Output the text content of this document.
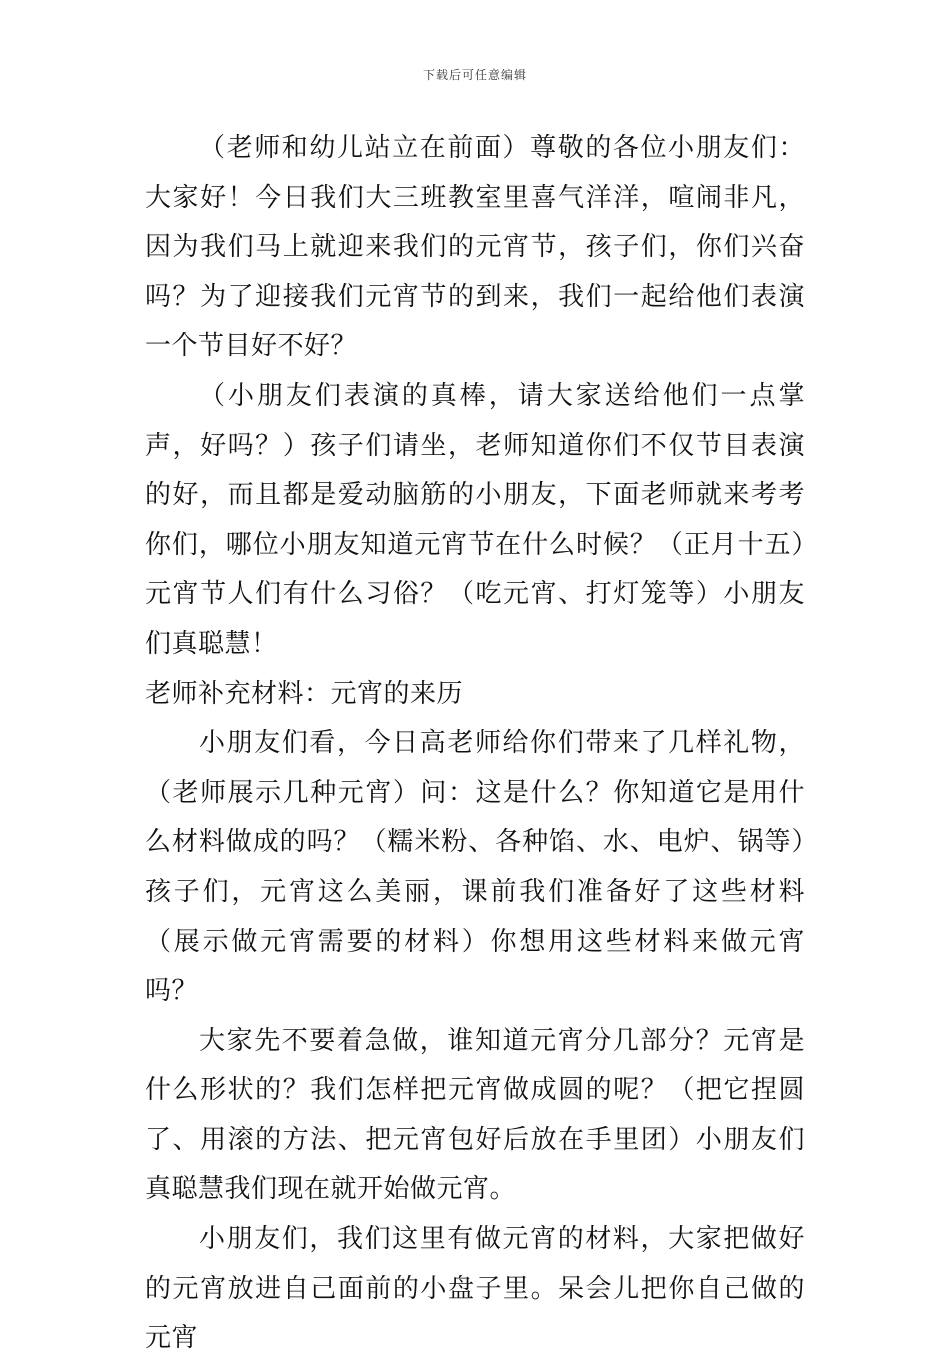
下载后可任意编辑

（老师和幼儿站立在前面）尊敬的各位小朋友们：大家好！今日我们大三班教室里喜气洋洋，喧闹非凡，因为我们马上就迎来我们的元宵节，孩子们，你们兴奋吗？为了迎接我们元宵节的到来，我们一起给他们表演一个节目好不好？

（小朋友们表演的真棒，请大家送给他们一点掌声，好吗？）孩子们请坐，老师知道你们不仅节目表演的好，而且都是爱动脑筋的小朋友，下面老师就来考考你们，哪位小朋友知道元宵节在什么时候？（正月十五）元宵节人们有什么习俗？（吃元宵、打灯笼等）小朋友们真聪慧！

老师补充材料：元宵的来历

小朋友们看，今日高老师给你们带来了几样礼物，（老师展示几种元宵）问：这是什么？你知道它是用什么材料做成的吗？（糯米粉、各种馅、水、电炉、锅等）孩子们，元宵这么美丽，课前我们准备好了这些材料（展示做元宵需要的材料）你想用这些材料来做元宵吗？

大家先不要着急做，谁知道元宵分几部分？元宵是什么形状的？我们怎样把元宵做成圆的呢？（把它捏圆了、用滚的方法、把元宵包好后放在手里团）小朋友们真聪慧我们现在就开始做元宵。

小朋友们，我们这里有做元宵的材料，大家把做好的元宵放进自己面前的小盘子里。呆会儿把你自己做的元宵
